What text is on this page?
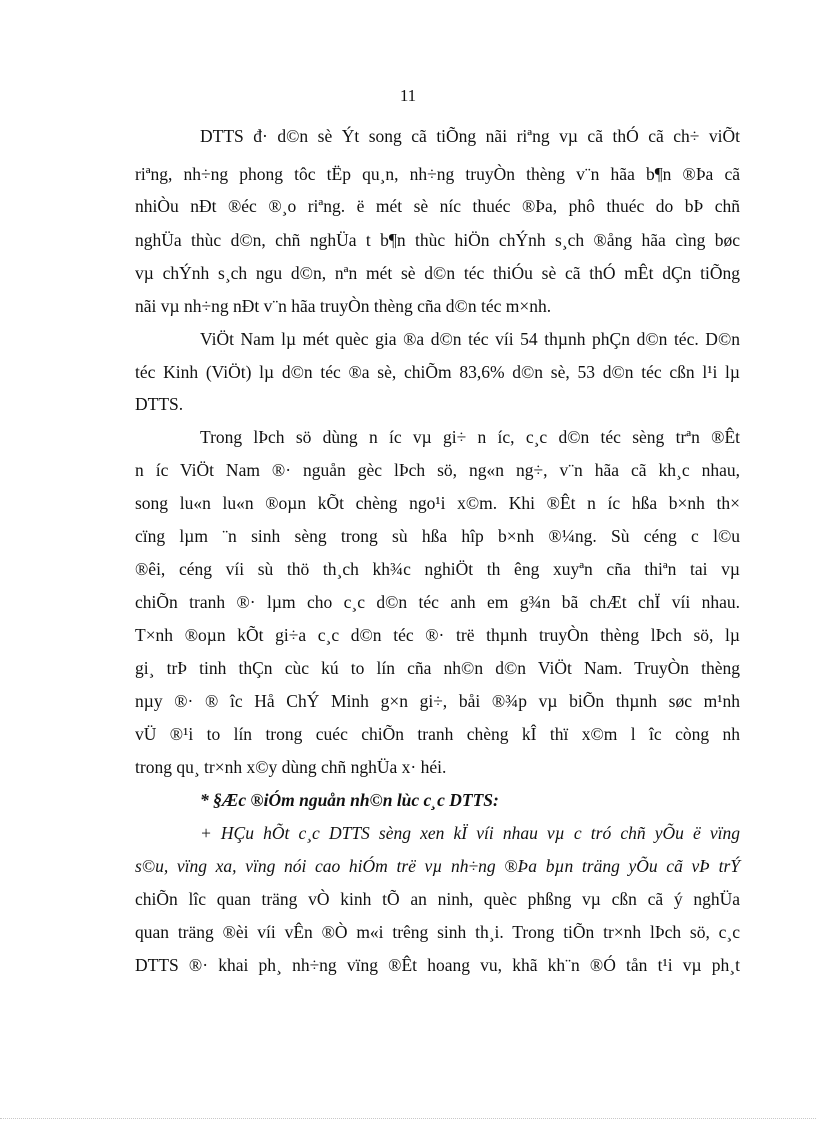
11
DTTS đ· d©n sè Ýt song cã tiÕng nãi riªng vµ cã thÓ cã ch÷ viÕt
riªng, nh÷ng phong tôc tËp qu¸n, nh÷ng truyÒn thèng v¨n hãa b¶n ®Þa cã
nhiÒu nÐt ®éc ®¸o riªng. ë mét sè níc thuéc ®Þa, phô thuéc do bÞ chñ
nghÜa thùc d©n, chñ nghÜa t b¶n thùc hiÖn chÝnh s¸ch ®ång hãa cìng bøc
vµ chÝnh s¸ch ngu d©n, nªn mét sè d©n téc thiÓu sè cã thÓ mÊt dÇn tiÕng
nãi vµ nh÷ng nÐt v¨n hãa truyÒn thèng cña d©n téc m×nh.
ViÖt Nam lµ mét quèc gia ®a d©n téc víi 54 thµnh phÇn d©n téc. D©n
téc Kinh (ViÖt) lµ d©n téc ®a sè, chiÕm 83,6% d©n sè, 53 d©n téc cßn l¹i lµ
DTTS.
Trong lÞch sö dùng n íc vµ gi÷ n íc, c¸c d©n téc sèng trªn ®Êt
n íc ViÖt Nam ®· nguån gèc lÞch sö, ng«n ng÷, v¨n hãa cã kh¸c nhau,
song lu«n lu«n ®oµn kÕt chèng ngo¹i x©m. Khi ®Êt n íc hßa b×nh th×
cïng lµm ¨n sinh sèng trong sù hßa hîp b×nh ®¼ng. Sù céng c l©u
®êi, céng víi sù thö th¸ch kh¾c nghiÖt th êng xuyªn cña thiªn tai vµ
chiÕn tranh ®· lµm cho c¸c d©n téc anh em g¾n bã chÆt chÏ víi nhau.
T×nh ®oµn kÕt gi÷a c¸c d©n téc ®· trë thµnh truyÒn thèng lÞch sö, lµ
gi¸ trÞ tinh thÇn cùc kú to lín cña nh©n d©n ViÖt Nam. TruyÒn thèng
nµy ®· ® îc Hå ChÝ Minh g×n gi÷, båi ®¾p vµ biÕn thµnh søc m¹nh
vÜ ®¹i to lín trong cuéc chiÕn tranh chèng kÎ thï x©m l îc còng nh
trong qu¸ tr×nh x©y dùng chñ nghÜa x· héi.
* §Æc ®iÓm nguån nh©n lùc c¸c DTTS:
+ HÇu hÕt c¸c DTTS sèng xen kÏ víi nhau vµ c tró chñ yÕu ë vïng
s©u, vïng xa, vïng nói cao hiÓm trë vµ nh÷ng ®Þa bµn träng yÕu cã vÞ trÝ
chiÕn lîc quan träng vÒ kinh tÕ an ninh, quèc phßng vµ cßn cã ý nghÜa
quan träng ®èi víi vÊn ®Ò m«i trêng sinh th¸i. Trong tiÕn tr×nh lÞch sö, c¸c
DTTS ®· khai ph¸ nh÷ng vïng ®Êt hoang vu, khã kh¨n ®Ó tån t¹i vµ ph¸t
